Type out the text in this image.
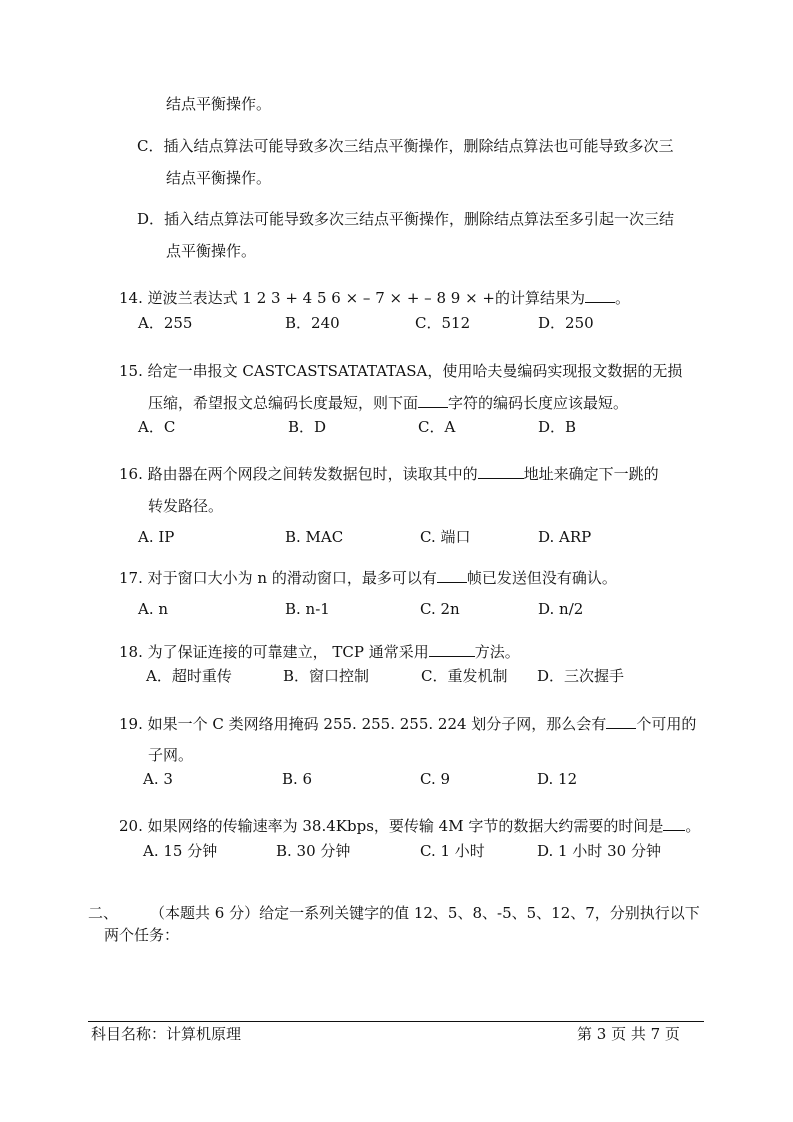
结点平衡操作。
C．插入结点算法可能导致多次三结点平衡操作，删除结点算法也可能导致多次三
结点平衡操作。
D．插入结点算法可能导致多次三结点平衡操作，删除结点算法至多引起一次三结
点平衡操作。
14. 逆波兰表达式 1 2 3 + 4 5 6 × – 7 × + – 8 9 × +的计算结果为 。
A．255	B．240	C．512	D．250
15. 给定一串报文 CASTCASTSATATATASA，使用哈夫曼编码实现报文数据的无损
压缩，希望报文总编码长度最短，则下面 字符的编码长度应该最短。
A．C	B．D	C．A	D．B
16. 路由器在两个网段之间转发数据包时，读取其中的	地址来确定下一跳的
转发路径。
A. IP	B. MAC	C. 端口	D. ARP
17. 对于窗口大小为 n 的滑动窗口，最多可以有 帧已发送但没有确认。
A. n	B. n-1	C. 2n	D. n/2
18. 为了保证连接的可靠建立， TCP 通常采用	方法。
A．超时重传	B．窗口控制	C．重发机制 D．三次握手
19. 如果一个 C 类网络用掩码 255. 255. 255. 224 划分子网，那么会有 个可用的
子网。
A. 3	B. 6	C. 9	D. 12
20. 如果网络的传输速率为 38.4Kbps，要传输 4M 字节的数据大约需要的时间是 。
A. 15 分钟	B. 30 分钟	C. 1 小时	D. 1 小时 30 分钟
二、 （本题共 6 分）给定一系列关键字的值 12、5、8、-5、5、12、7，分别执行以下
两个任务：
科目名称：计算机原理	第 3 页 共 7 页
